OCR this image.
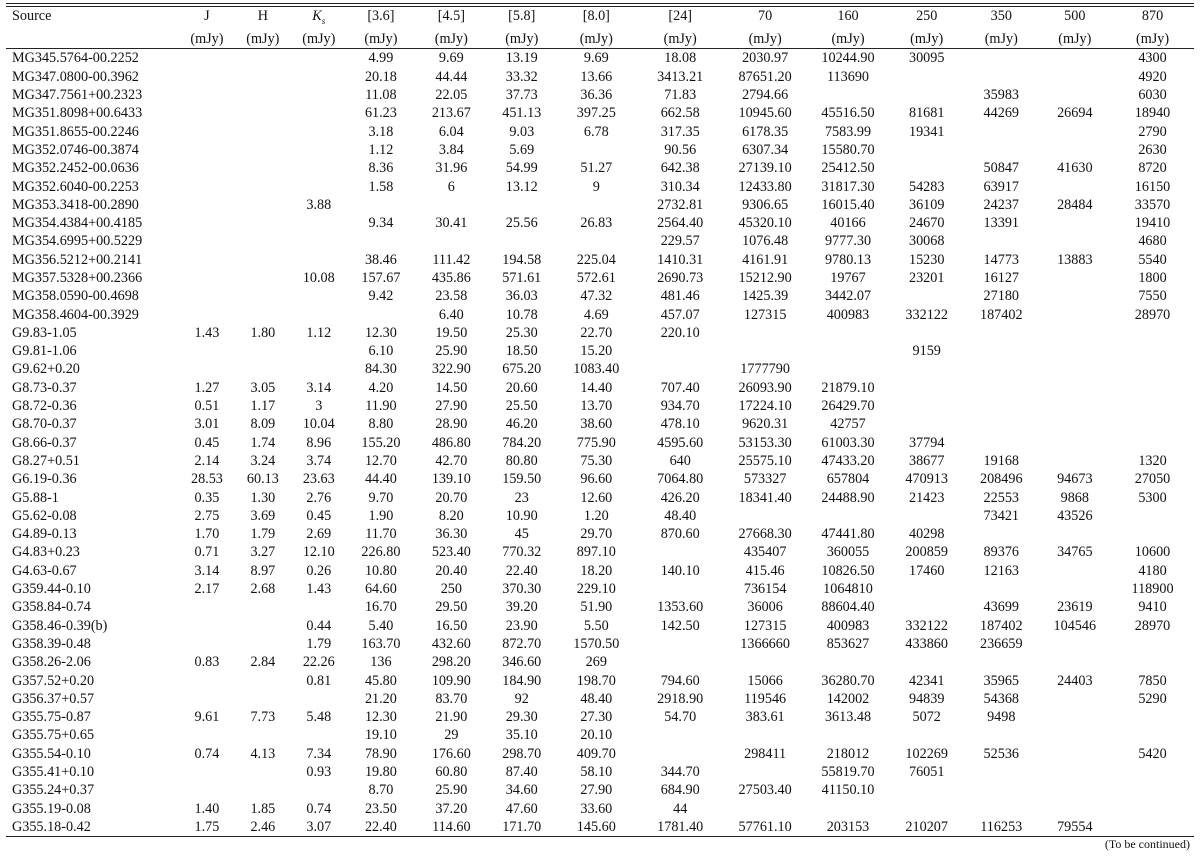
Source	J	H	$K_s$	[3.6]	[4.5]	[5.8]	[8.0]	[24]	70	160	250	350	500	870
	(mJy)	(mJy)	(mJy)	(mJy)	(mJy)	(mJy)	(mJy)	(mJy)	(mJy)	(mJy)	(mJy)	(mJy)	(mJy)	(mJy)
MG345.5764-00.2252				4.99	9.69	13.19	9.69	18.08	2030.97	10244.90	30095			4300
MG347.0800-00.3962				20.18	44.44	33.32	13.66	3413.21	87651.20	113690				4920
MG347.7561+00.2323				11.08	22.05	37.73	36.36	71.83	2794.66			35983		6030
MG351.8098+00.6433				61.23	213.67	451.13	397.25	662.58	10945.60	45516.50	81681	44269	26694	18940
MG351.8655-00.2246				3.18	6.04	9.03	6.78	317.35	6178.35	7583.99	19341			2790
MG352.0746-00.3874				1.12	3.84	5.69		90.56	6307.34	15580.70				2630
MG352.2452-00.0636				8.36	31.96	54.99	51.27	642.38	27139.10	25412.50		50847	41630	8720
MG352.6040-00.2253				1.58	6	13.12	9	310.34	12433.80	31817.30	54283	63917		16150
MG353.3418-00.2890			3.88					2732.81	9306.65	16015.40	36109	24237	28484	33570
MG354.4384+00.4185				9.34	30.41	25.56	26.83	2564.40	45320.10	40166	24670	13391		19410
MG354.6995+00.5229								229.57	1076.48	9777.30	30068			4680
MG356.5212+00.2141				38.46	111.42	194.58	225.04	1410.31	4161.91	9780.13	15230	14773	13883	5540
MG357.5328+00.2366			10.08	157.67	435.86	571.61	572.61	2690.73	15212.90	19767	23201	16127		1800
MG358.0590-00.4698				9.42	23.58	36.03	47.32	481.46	1425.39	3442.07		27180		7550
MG358.4604-00.3929					6.40	10.78	4.69	457.07	127315	400983	332122	187402		28970
G9.83-1.05	1.43	1.80	1.12	12.30	19.50	25.30	22.70	220.10						
G9.81-1.06				6.10	25.90	18.50	15.20				9159			
G9.62+0.20				84.30	322.90	675.20	1083.40		1777790					
G8.73-0.37	1.27	3.05	3.14	4.20	14.50	20.60	14.40	707.40	26093.90	21879.10				
G8.72-0.36	0.51	1.17	3	11.90	27.90	25.50	13.70	934.70	17224.10	26429.70				
G8.70-0.37	3.01	8.09	10.04	8.80	28.90	46.20	38.60	478.10	9620.31	42757				
G8.66-0.37	0.45	1.74	8.96	155.20	486.80	784.20	775.90	4595.60	53153.30	61003.30	37794			
G8.27+0.51	2.14	3.24	3.74	12.70	42.70	80.80	75.30	640	25575.10	47433.20	38677	19168		1320
G6.19-0.36	28.53	60.13	23.63	44.40	139.10	159.50	96.60	7064.80	573327	657804	470913	208496	94673	27050
G5.88-1	0.35	1.30	2.76	9.70	20.70	23	12.60	426.20	18341.40	24488.90	21423	22553	9868	5300
G5.62-0.08	2.75	3.69	0.45	1.90	8.20	10.90	1.20	48.40				73421	43526	
G4.89-0.13	1.70	1.79	2.69	11.70	36.30	45	29.70	870.60	27668.30	47441.80	40298			
G4.83+0.23	0.71	3.27	12.10	226.80	523.40	770.32	897.10		435407	360055	200859	89376	34765	10600
G4.63-0.67	3.14	8.97	0.26	10.80	20.40	22.40	18.20	140.10	415.46	10826.50	17460	12163		4180
G359.44-0.10	2.17	2.68	1.43	64.60	250	370.30	229.10		736154	1064810				118900
G358.84-0.74				16.70	29.50	39.20	51.90	1353.60	36006	88604.40		43699	23619	9410
G358.46-0.39(b)			0.44	5.40	16.50	23.90	5.50	142.50	127315	400983	332122	187402	104546	28970
G358.39-0.48			1.79	163.70	432.60	872.70	1570.50		1366660	853627	433860	236659		
G358.26-2.06	0.83	2.84	22.26	136	298.20	346.60	269							
G357.52+0.20			0.81	45.80	109.90	184.90	198.70	794.60	15066	36280.70	42341	35965	24403	7850
G356.37+0.57				21.20	83.70	92	48.40	2918.90	119546	142002	94839	54368		5290
G355.75-0.87	9.61	7.73	5.48	12.30	21.90	29.30	27.30	54.70	383.61	3613.48	5072	9498		
G355.75+0.65				19.10	29	35.10	20.10							
G355.54-0.10	0.74	4.13	7.34	78.90	176.60	298.70	409.70		298411	218012	102269	52536		5420
G355.41+0.10			0.93	19.80	60.80	87.40	58.10	344.70		55819.70	76051			
G355.24+0.37				8.70	25.90	34.60	27.90	684.90	27503.40	41150.10				
G355.19-0.08	1.40	1.85	0.74	23.50	37.20	47.60	33.60	44						
G355.18-0.42	1.75	2.46	3.07	22.40	114.60	171.70	145.60	1781.40	57761.10	203153	210207	116253	79554	
(To be continued)
